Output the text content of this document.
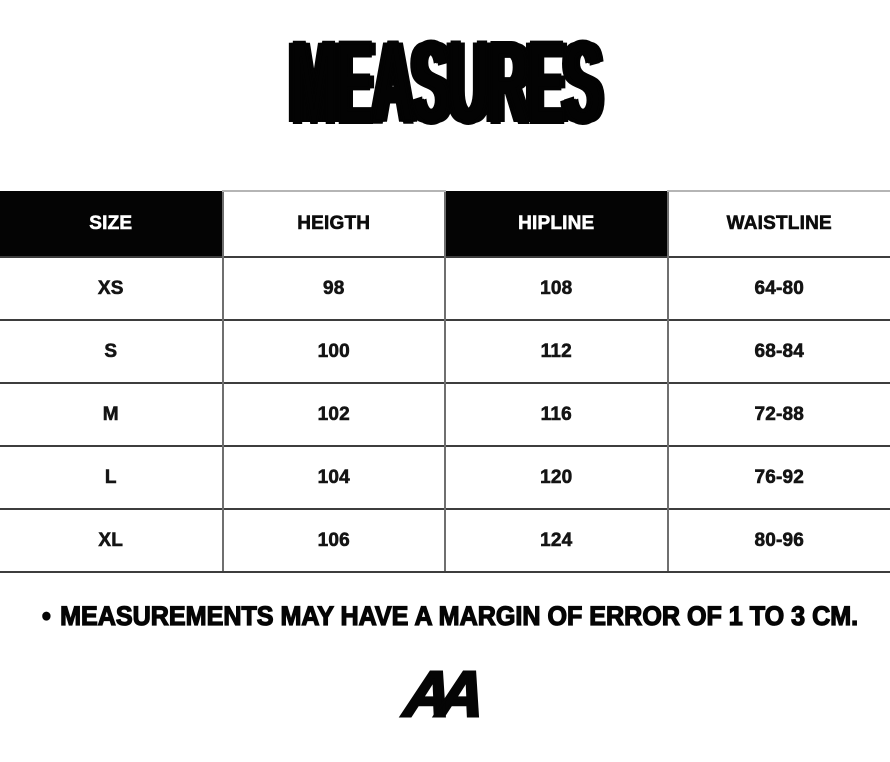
MEASURES
SIZE	HEIGTH	HIPLINE	WAISTLINE
XS	98	108	64-80
S	100	112	68-84
M	102	116	72-88
L	104	120	76-92
XL	106	124	80-96
• MEASUREMENTS MAY HAVE A MARGIN OF ERROR OF 1 TO 3 CM.
AA
